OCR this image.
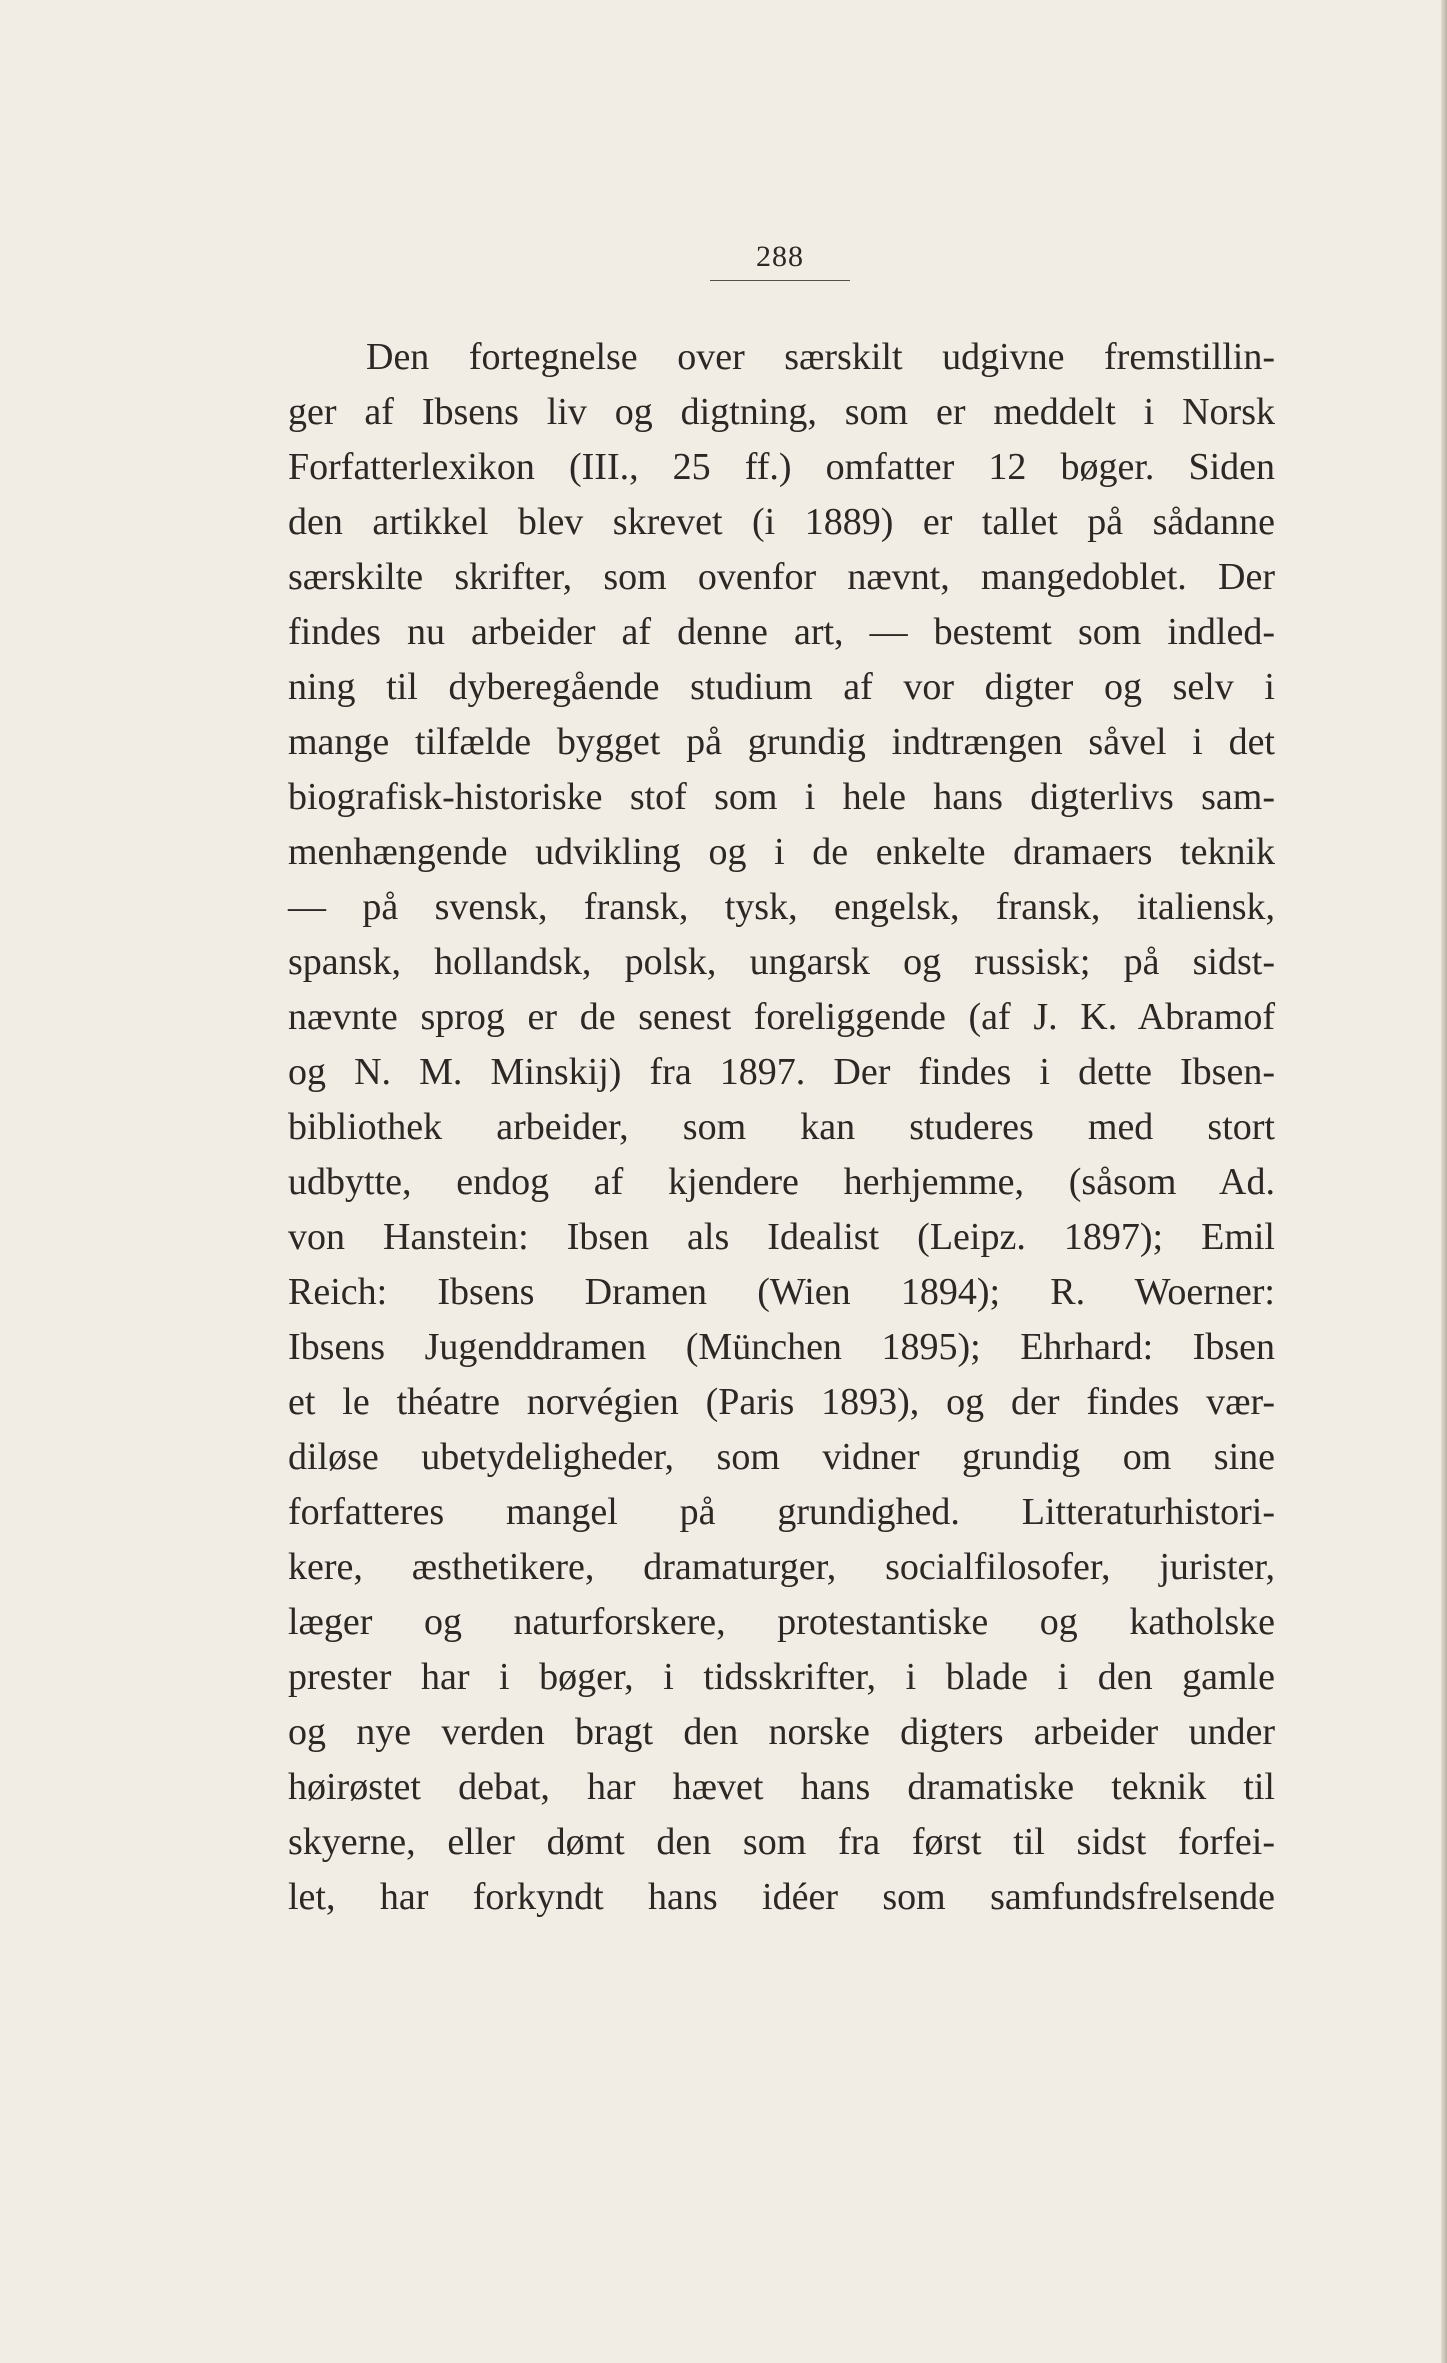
288
Den fortegnelse over særskilt udgivne fremstillin-
ger af Ibsens liv og digtning, som er meddelt i Norsk
Forfatterlexikon (III., 25 ff.) omfatter 12 bøger. Siden
den artikkel blev skrevet (i 1889) er tallet på sådanne
særskilte skrifter, som ovenfor nævnt, mangedoblet. Der
findes nu arbeider af denne art, — bestemt som indled-
ning til dyberegående studium af vor digter og selv i
mange tilfælde bygget på grundig indtrængen såvel i det
biografisk-historiske stof som i hele hans digterlivs sam-
menhængende udvikling og i de enkelte dramaers teknik
— på svensk, fransk, tysk, engelsk, fransk, italiensk,
spansk, hollandsk, polsk, ungarsk og russisk; på sidst-
nævnte sprog er de senest foreliggende (af J. K. Abramof
og N. M. Minskij) fra 1897. Der findes i dette Ibsen-
bibliothek arbeider, som kan studeres med stort
udbytte, endog af kjendere herhjemme, (såsom Ad.
von Hanstein: Ibsen als Idealist (Leipz. 1897); Emil
Reich: Ibsens Dramen (Wien 1894); R. Woerner:
Ibsens Jugenddramen (München 1895); Ehrhard: Ibsen
et le théatre norvégien (Paris 1893), og der findes vær-
diløse ubetydeligheder, som vidner grundig om sine
forfatteres mangel på grundighed. Litteraturhistori-
kere, æsthetikere, dramaturger, socialfilosofer, jurister,
læger og naturforskere, protestantiske og katholske
prester har i bøger, i tidsskrifter, i blade i den gamle
og nye verden bragt den norske digters arbeider under
høirøstet debat, har hævet hans dramatiske teknik til
skyerne, eller dømt den som fra først til sidst forfei-
let, har forkyndt hans idéer som samfundsfrelsende
